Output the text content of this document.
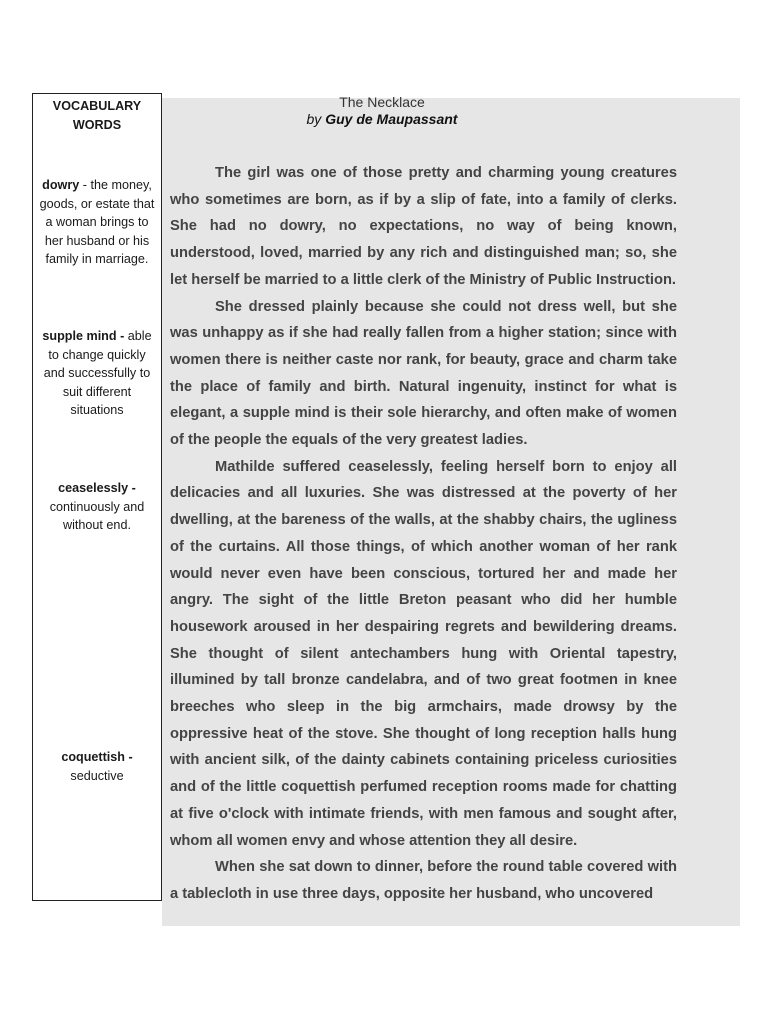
VOCABULARY WORDS
dowry - the money, goods, or estate that a woman brings to her husband or his family in marriage.
supple mind - able to change quickly and successfully to suit different situations
ceaselessly - continuously and without end.
coquettish - seductive
The Necklace
by Guy de Maupassant

The girl was one of those pretty and charming young creatures who sometimes are born, as if by a slip of fate, into a family of clerks. She had no dowry, no expectations, no way of being known, understood, loved, married by any rich and distinguished man; so, she let herself be married to a little clerk of the Ministry of Public Instruction.

She dressed plainly because she could not dress well, but she was unhappy as if she had really fallen from a higher station; since with women there is neither caste nor rank, for beauty, grace and charm take the place of family and birth. Natural ingenuity, instinct for what is elegant, a supple mind is their sole hierarchy, and often make of women of the people the equals of the very greatest ladies.

Mathilde suffered ceaselessly, feeling herself born to enjoy all delicacies and all luxuries. She was distressed at the poverty of her dwelling, at the bareness of the walls, at the shabby chairs, the ugliness of the curtains. All those things, of which another woman of her rank would never even have been conscious, tortured her and made her angry. The sight of the little Breton peasant who did her humble housework aroused in her despairing regrets and bewildering dreams. She thought of silent antechambers hung with Oriental tapestry, illumined by tall bronze candelabra, and of two great footmen in knee breeches who sleep in the big armchairs, made drowsy by the oppressive heat of the stove. She thought of long reception halls hung with ancient silk, of the dainty cabinets containing priceless curiosities and of the little coquettish perfumed reception rooms made for chatting at five o'clock with intimate friends, with men famous and sought after, whom all women envy and whose attention they all desire.

When she sat down to dinner, before the round table covered with a tablecloth in use three days, opposite her husband, who uncovered
